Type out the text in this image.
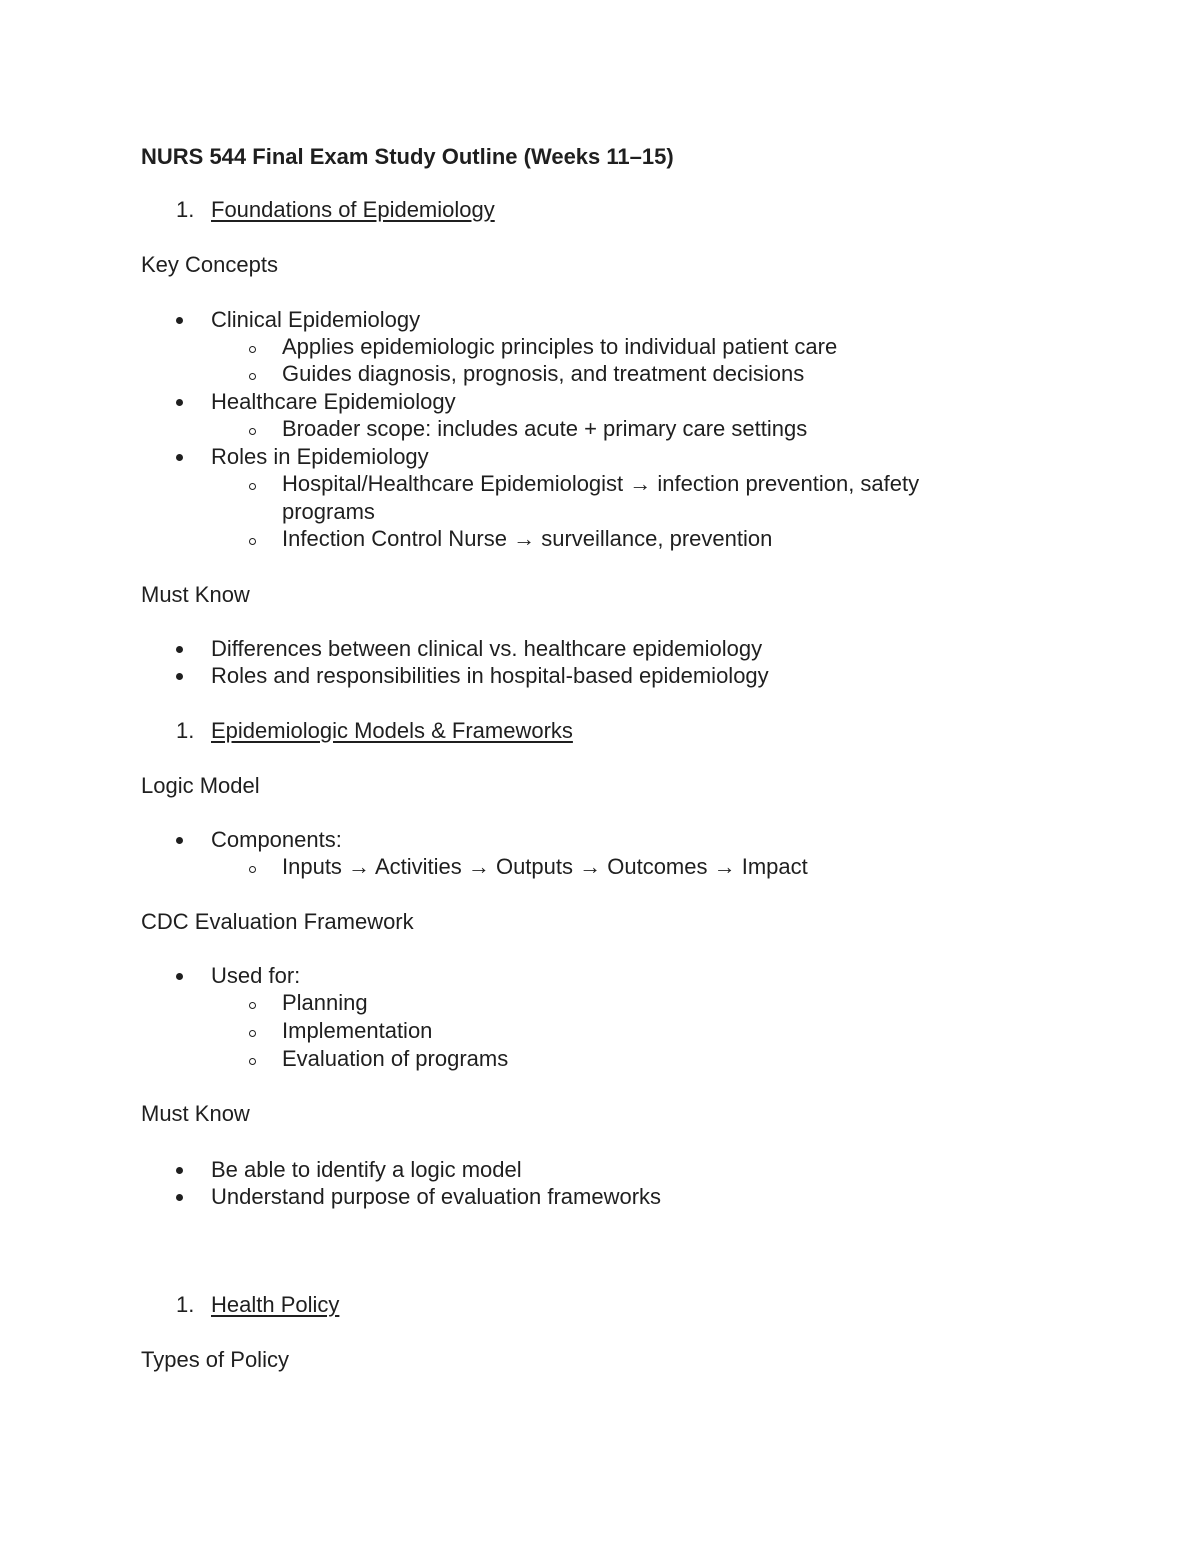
NURS 544 Final Exam Study Outline (Weeks 11–15)
1. Foundations of Epidemiology
Key Concepts
Clinical Epidemiology
Applies epidemiologic principles to individual patient care
Guides diagnosis, prognosis, and treatment decisions
Healthcare Epidemiology
Broader scope: includes acute + primary care settings
Roles in Epidemiology
Hospital/Healthcare Epidemiologist → infection prevention, safety
programs
Infection Control Nurse → surveillance, prevention
Must Know
Differences between clinical vs. healthcare epidemiology
Roles and responsibilities in hospital-based epidemiology
1. Epidemiologic Models & Frameworks
Logic Model
Components:
Inputs → Activities → Outputs → Outcomes → Impact
CDC Evaluation Framework
Used for:
Planning
Implementation
Evaluation of programs
Must Know
Be able to identify a logic model
Understand purpose of evaluation frameworks
1. Health Policy
Types of Policy
